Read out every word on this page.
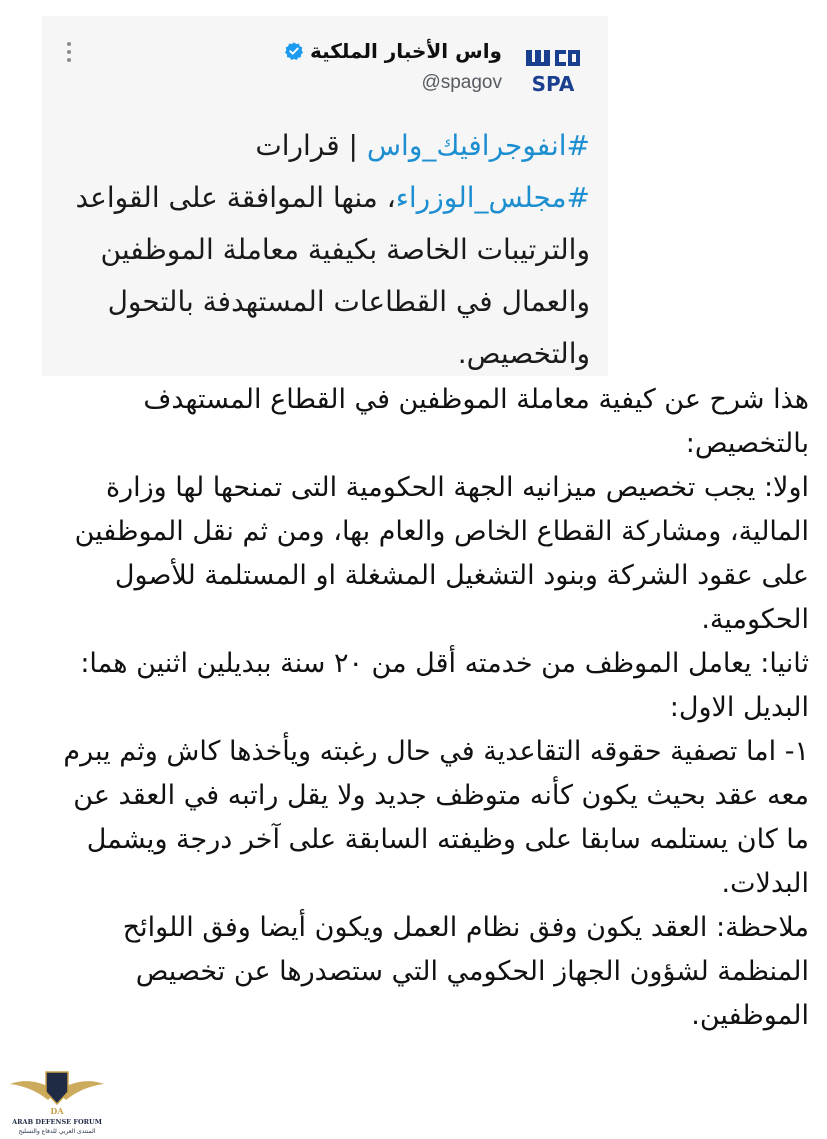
SPA
واس الأخبار الملكية
@spagov
#انفوجرافيك_واس | قرارات #مجلس_الوزراء، منها الموافقة على القواعد والترتيبات الخاصة بكيفية معاملة الموظفين والعمال في القطاعات المستهدفة بالتحول والتخصيص.

هذا شرح عن كيفية معاملة الموظفين في القطاع المستهدف بالتخصيص:

اولا: يجب تخصيص ميزانيه الجهة الحكومية التى تمنحها لها وزارة المالية، ومشاركة القطاع الخاص والعام بها، ومن ثم نقل الموظفين على عقود الشركة وبنود التشغيل المشغلة او المستلمة للأصول الحكومية.

ثانيا: يعامل الموظف من خدمته أقل من ٢٠ سنة ببديلين اثنين هما:

البديل الاول:

١- اما تصفية حقوقه التقاعدية في حال رغبته ويأخذها كاش وثم يبرم معه عقد بحيث يكون كأنه متوظف جديد ولا يقل راتبه في العقد عن ما كان يستلمه سابقا على وظيفته السابقة على آخر درجة ويشمل البدلات.

ملاحظة: العقد يكون وفق نظام العمل ويكون أيضا وفق اللوائح المنظمة لشؤون الجهاز الحكومي التي ستصدرها عن تخصيص الموظفين.

DA
ARAB DEFENSE FORUM
المنتدى العربي للدفاع والتسليح
